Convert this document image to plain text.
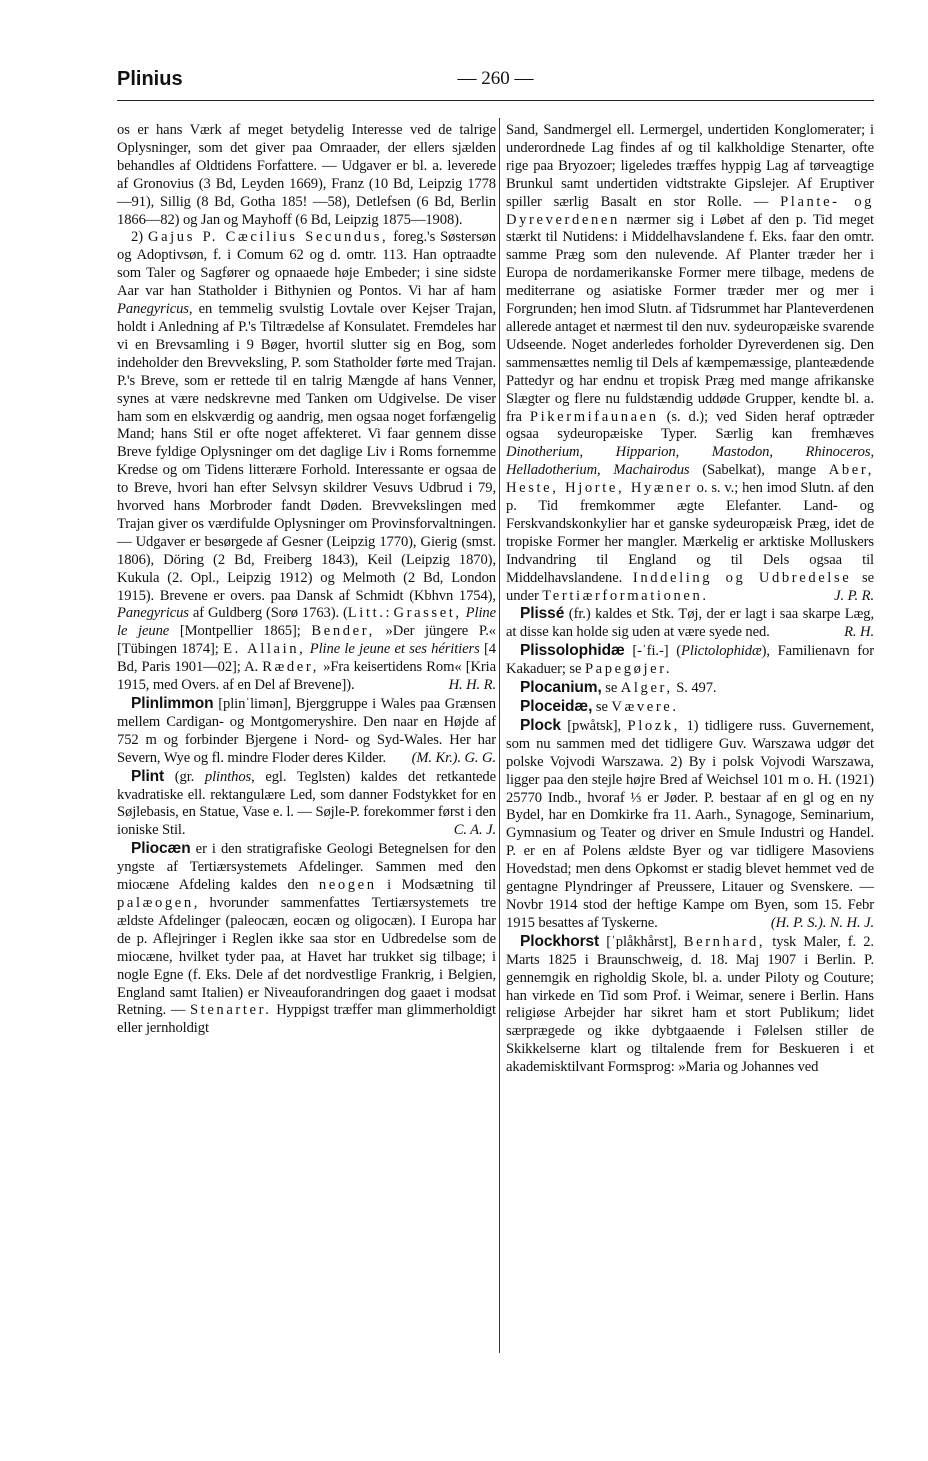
Plinius	— 260 —

os er hans Værk af meget betydelig Interesse ved de talrige Oplysninger, som det giver paa Omraader, der ellers sjælden behandles af Oldtidens Forfattere. — Udgaver er bl. a. leverede af Gronovius (3 Bd, Leyden 1669), Franz (10 Bd, Leipzig 1778—91), Sillig (8 Bd, Gotha 185! —58), Detlefsen (6 Bd, Berlin 1866—82) og Jan og Mayhoff (6 Bd, Leipzig 1875—1908).

2) Gajus P. Cæcilius Secundus, foreg.'s Søstersøn og Adoptivsøn, f. i Comum 62 og d. omtr. 113. Han optraadte som Taler og Sagfører og opnaaede høje Embeder; i sine sidste Aar var han Statholder i Bithynien og Pontos. Vi har af ham Panegyricus, en temmelig svulstig Lovtale over Kejser Trajan, holdt i Anledning af P.'s Tiltrædelse af Konsulatet. Fremdeles har vi en Brevsamling i 9 Bøger, hvortil slutter sig en Bog, som indeholder den Brevveksling, P. som Statholder førte med Trajan. P.'s Breve, som er rettede til en talrig Mængde af hans Venner, synes at være nedskrevne med Tanken om Udgivelse. De viser ham som en elskværdig og aandrig, men ogsaa noget forfængelig Mand; hans Stil er ofte noget affekteret. Vi faar gennem disse Breve fyldige Oplysninger om det daglige Liv i Roms fornemme Kredse og om Tidens litterære Forhold. Interessante er ogsaa de to Breve, hvori han efter Selvsyn skildrer Vesuvs Udbrud i 79, hvorved hans Morbroder fandt Døden. Brevvekslingen med Trajan giver os værdifulde Oplysninger om Provinsforvaltningen. — Udgaver er besørgede af Gesner (Leipzig 1770), Gierig (smst. 1806), Döring (2 Bd, Freiberg 1843), Keil (Leipzig 1870), Kukula (2. Opl., Leipzig 1912) og Melmoth (2 Bd, London 1915). Brevene er overs. paa Dansk af Schmidt (Kbhvn 1754), Panegyricus af Guldberg (Sorø 1763). (Litt.: Grasset, Pline le jeune [Montpellier 1865]; Bender, »Der jüngere P.« [Tübingen 1874]; E. Allain, Pline le jeune et ses héritiers [4 Bd, Paris 1901—02]; A. Ræder, »Fra keisertidens Rom« [Kria 1915, med Overs. af en Del af Brevene]).	H. H. R.

Plinlimmon [plinˈlimən], Bjerggruppe i Wales paa Grænsen mellem Cardigan- og Montgomeryshire. Den naar en Højde af 752 m og forbinder Bjergene i Nord- og Syd-Wales. Her har Severn, Wye og fl. mindre Floder deres Kilder.	(M. Kr.). G. G.

Plint (gr. plinthos, egl. Teglsten) kaldes det retkantede kvadratiske ell. rektangulære Led, som danner Fodstykket for en Søjlebasis, en Statue, Vase e. l. — Søjle-P. forekommer først i den ioniske Stil.	C. A. J.

Pliocæn er i den stratigrafiske Geologi Betegnelsen for den yngste af Tertiærsystemets Afdelinger. Sammen med den miocæne Afdeling kaldes den neogen i Modsætning til palæogen, hvorunder sammenfattes Tertiærsystemets tre ældste Afdelinger (paleocæn, eocæn og oligocæn). I Europa har de p. Aflejringer i Reglen ikke saa stor en Udbredelse som de miocæne, hvilket tyder paa, at Havet har trukket sig tilbage; i nogle Egne (f. Eks. Dele af det nordvestlige Frankrig, i Belgien, England samt Italien) er Niveauforandringen dog gaaet i modsat Retning. — Stenarter. Hyppigst træffer man glimmerholdigt eller jernholdigt

Sand, Sandmergel ell. Lermergel, undertiden Konglomerater; i underordnede Lag findes af og til kalkholdige Stenarter, ofte rige paa Bryozoer; ligeledes træffes hyppig Lag af tørveagtige Brunkul samt undertiden vidtstrakte Gipslejer. Af Eruptiver spiller særlig Basalt en stor Rolle. — Plante- og Dyreverdenen nærmer sig i Løbet af den p. Tid meget stærkt til Nutidens: i Middelhavslandene f. Eks. faar den omtr. samme Præg som den nulevende. Af Planter træder her i Europa de nordamerikanske Former mere tilbage, medens de mediterrane og asiatiske Former træder mer og mer i Forgrunden; hen imod Slutn. af Tidsrummet har Planteverdenen allerede antaget et nærmest til den nuv. sydeuropæiske svarende Udseende. Noget anderledes forholder Dyreverdenen sig. Den sammensættes nemlig til Dels af kæmpemæssige, planteædende Pattedyr og har endnu et tropisk Præg med mange afrikanske Slægter og flere nu fuldstændig uddøde Grupper, kendte bl. a. fra Pikermifaunaen (s. d.); ved Siden heraf optræder ogsaa sydeuropæiske Typer. Særlig kan fremhæves Dinotherium, Hipparion, Mastodon, Rhinoceros, Helladotherium, Machairodus (Sabelkat), mange Aber, Heste, Hjorte, Hyæner o. s. v.; hen imod Slutn. af den p. Tid fremkommer ægte Elefanter. Land- og Ferskvandskonkylier har et ganske sydeuropæisk Præg, idet de tropiske Former her mangler. Mærkelig er arktiske Molluskers Indvandring til England og til Dels ogsaa til Middelhavslandene. Inddeling og Udbredelse se under Tertiærformationen.	J. P. R.

Plissé (fr.) kaldes et Stk. Tøj, der er lagt i saa skarpe Læg, at disse kan holde sig uden at være syede ned.	R. H.

Plissolophidæ [-ˈfi.-] (Plictolophidæ), Familienavn for Kakaduer; se Papegøjer.

Plocanium, se Alger, S. 497.

Ploceidæ, se Vævere.

Plock [pwåtsk], Plozk, 1) tidligere russ. Guvernement, som nu sammen med det tidligere Guv. Warszawa udgør det polske Vojvodi Warszawa. 2) By i polsk Vojvodi Warszawa, ligger paa den stejle højre Bred af Weichsel 101 m o. H. (1921) 25770 Indb., hvoraf ⅓ er Jøder. P. bestaar af en gl og en ny Bydel, har en Domkirke fra 11. Aarh., Synagoge, Seminarium, Gymnasium og Teater og driver en Smule Industri og Handel. P. er en af Polens ældste Byer og var tidligere Masoviens Hovedstad; men dens Opkomst er stadig blevet hemmet ved de gentagne Plyndringer af Preussere, Litauer og Svenskere. — Novbr 1914 stod der heftige Kampe om Byen, som 15. Febr 1915 besattes af Tyskerne.	(H. P. S.). N. H. J.

Plockhorst [ˈplåkhårst], Bernhard, tysk Maler, f. 2. Marts 1825 i Braunschweig, d. 18. Maj 1907 i Berlin. P. gennemgik en righoldig Skole, bl. a. under Piloty og Couture; han virkede en Tid som Prof. i Weimar, senere i Berlin. Hans religiøse Arbejder har sikret ham et stort Publikum; lidet særprægede og ikke dybtgaaende i Følelsen stiller de Skikkelserne klart og tiltalende frem for Beskueren i et akademisktilvant Formsprog: »Maria og Johannes ved
